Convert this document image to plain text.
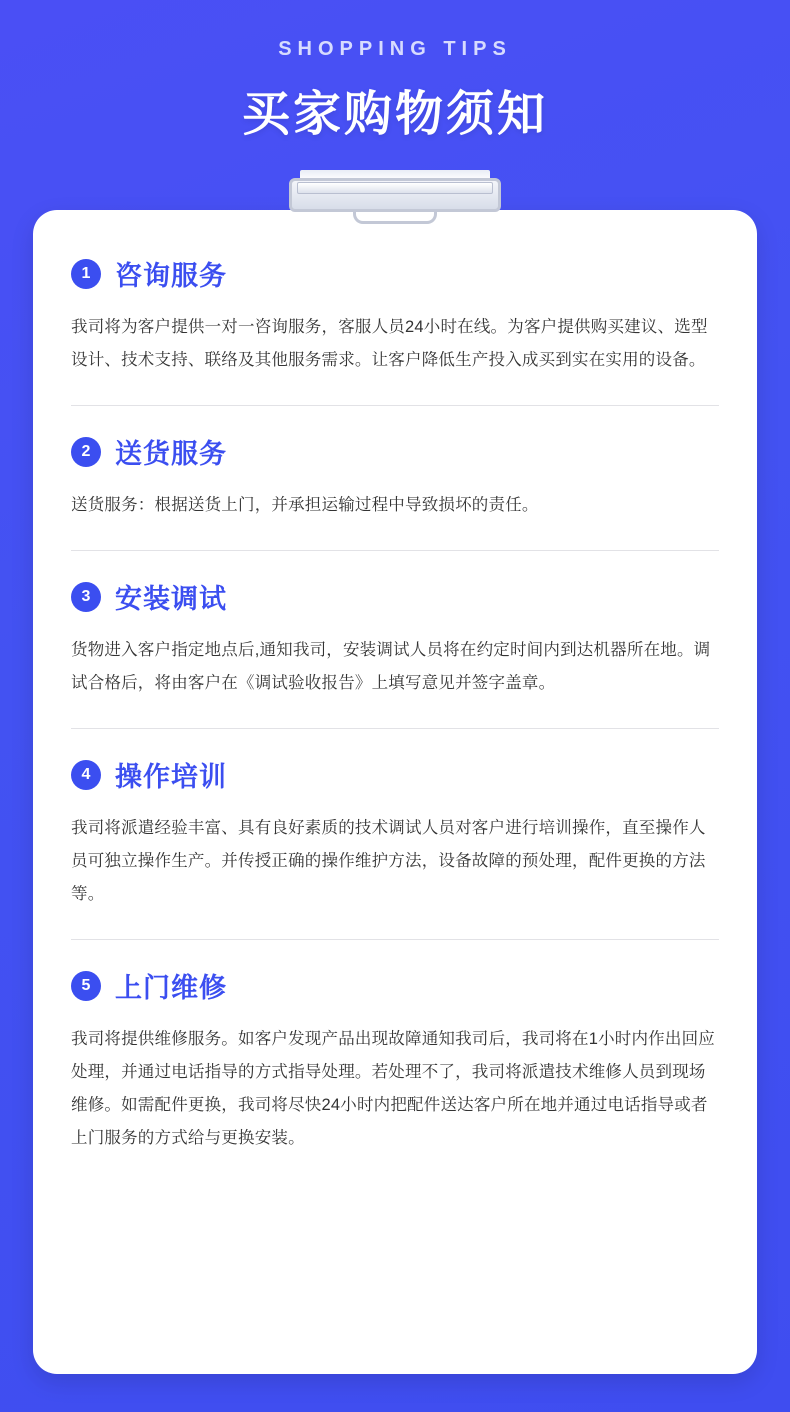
SHOPPING TIPS
买家购物须知
1 咨询服务
我司将为客户提供一对一咨询服务，客服人员24小时在线。为客户提供购买建议、选型设计、技术支持、联络及其他服务需求。让客户降低生产投入成买到实在实用的设备。
2 送货服务
送货服务：根据送货上门，并承担运输过程中导致损坏的责任。
3 安装调试
货物进入客户指定地点后,通知我司，安装调试人员将在约定时间内到达机器所在地。调试合格后，将由客户在《调试验收报告》上填写意见并签字盖章。
4 操作培训
我司将派遣经验丰富、具有良好素质的技术调试人员对客户进行培训操作，直至操作人员可独立操作生产。并传授正确的操作维护方法，设备故障的预处理，配件更换的方法等。
5 上门维修
我司将提供维修服务。如客户发现产品出现故障通知我司后，我司将在1小时内作出回应处理，并通过电话指导的方式指导处理。若处理不了，我司将派遣技术维修人员到现场维修。如需配件更换，我司将尽快24小时内把配件送达客户所在地并通过电话指导或者上门服务的方式给与更换安装。
